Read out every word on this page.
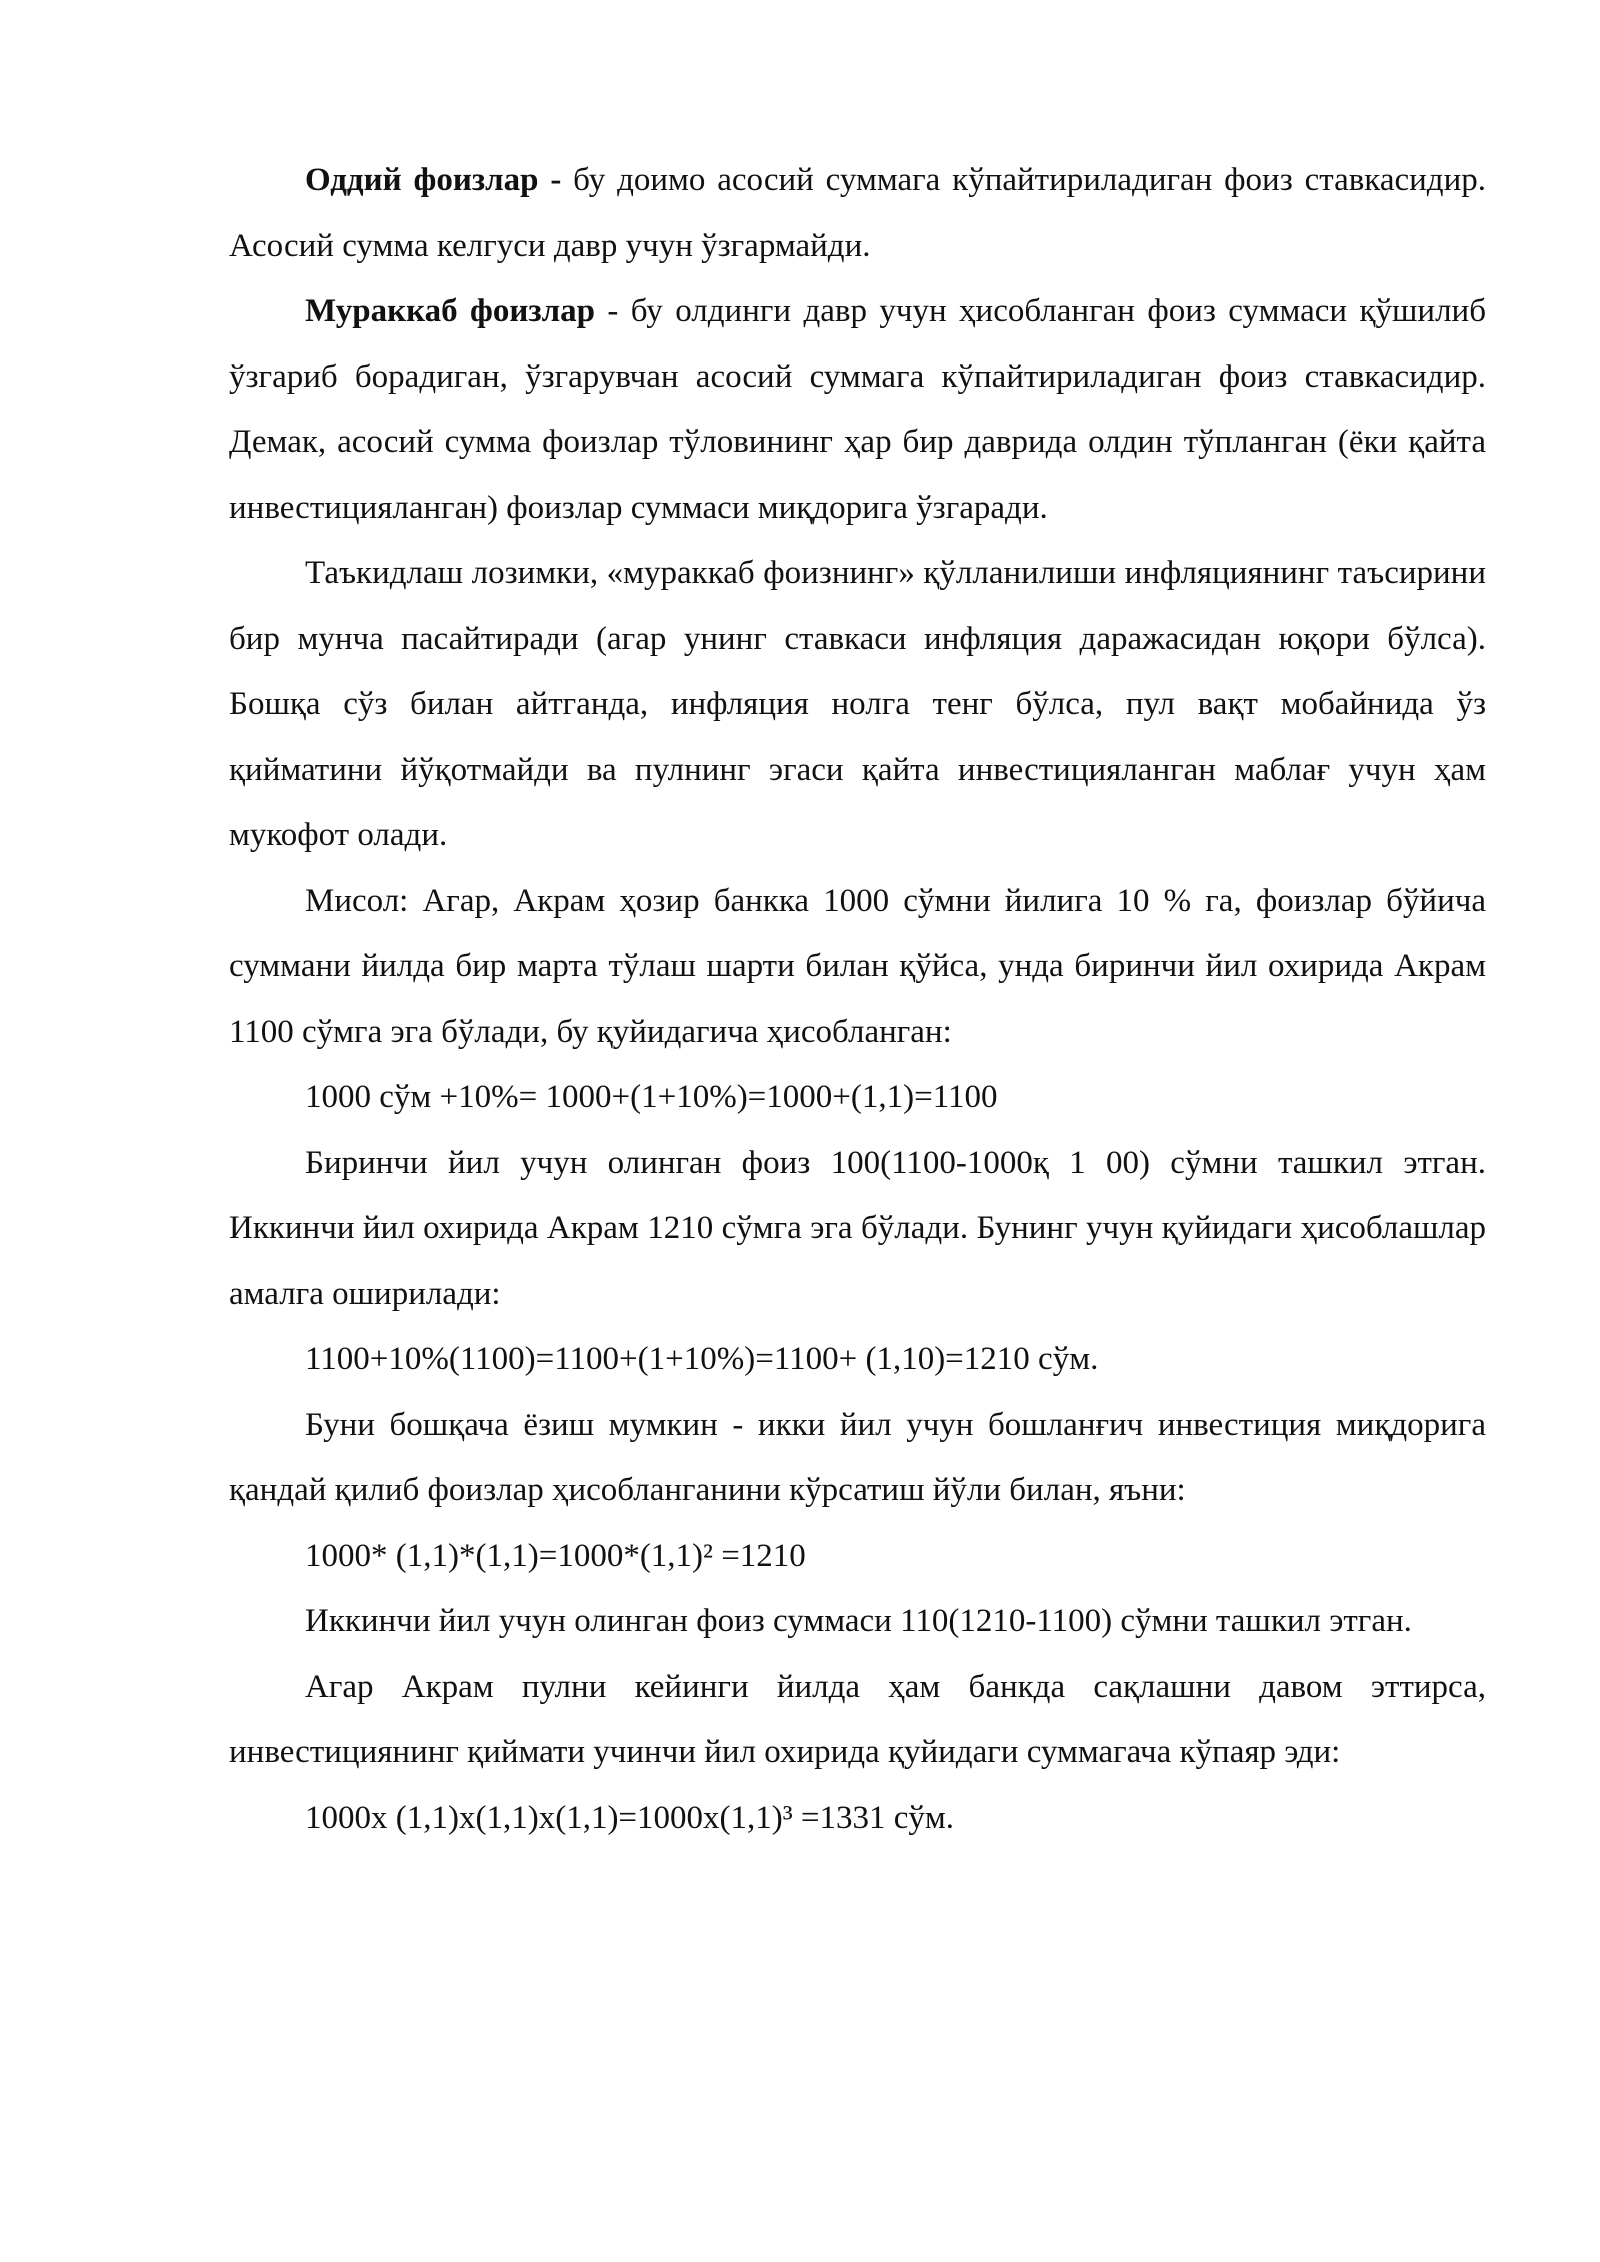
Оддий фоизлар - бу доимо асосий суммага кўпайтириладиган фоиз ставкасидир. Асосий сумма келгуси давр учун ўзгармайди.

Мураккаб фоизлар - бу олдинги давр учун ҳисобланган фоиз суммаси қўшилиб ўзгариб борадиган, ўзгарувчан асосий суммага кўпайтириладиган фоиз ставкасидир. Демак, асосий сумма фоизлар тўловининг ҳар бир даврида олдин тўпланган (ёки қайта инвестицияланган) фоизлар суммаси миқдорига ўзгаради.

Таъкидлаш лозимки, «мураккаб фоизнинг» қўлланилиши инфляциянинг таъсирини бир мунча пасайтиради (агар унинг ставкаси инфляция даражасидан юқори бўлса). Бошқа сўз билан айтганда, инфляция нолга тенг бўлса, пул вақт мобайнида ўз қийматини йўқотмайди ва пулнинг эгаси қайта инвестицияланган маблағ учун ҳам мукофот олади.

Мисол: Агар, Акрам ҳозир банкка 1000 сўмни йилига 10 % га, фоизлар бўйича суммани йилда бир марта тўлаш шарти билан қўйса, унда биринчи йил охирида Акрам 1100 сўмга эга бўлади, бу қуйидагича ҳисобланган:

1000 сўм +10%= 1000+(1+10%)=1000+(1,1)=1100

Биринчи йил учун олинган фоиз 100(1100-1000қ 1 00) сўмни ташкил этган. Иккинчи йил охирида Акрам 1210 сўмга эга бўлади. Бунинг учун қуйидаги ҳисоблашлар амалга оширилади:

1100+10%(1100)=1100+(1+10%)=1100+ (1,10)=1210 сўм.

Буни бошқача ёзиш мумкин - икки йил учун бошланғич инвестиция миқдорига қандай қилиб фоизлар ҳисобланганини кўрсатиш йўли билан, яъни:

1000* (1,1)*(1,1)=1000*(1,1)² =1210

Иккинчи йил учун олинган фоиз суммаси 110(1210-1100) сўмни ташкил этган.

Агар Акрам пулни кейинги йилда ҳам банкда сақлашни давом эттирса, инвестициянинг қиймати учинчи йил охирида қуйидаги суммагача кўпаяр эди:

1000х (1,1)х(1,1)х(1,1)=1000х(1,1)³ =1331 сўм.
